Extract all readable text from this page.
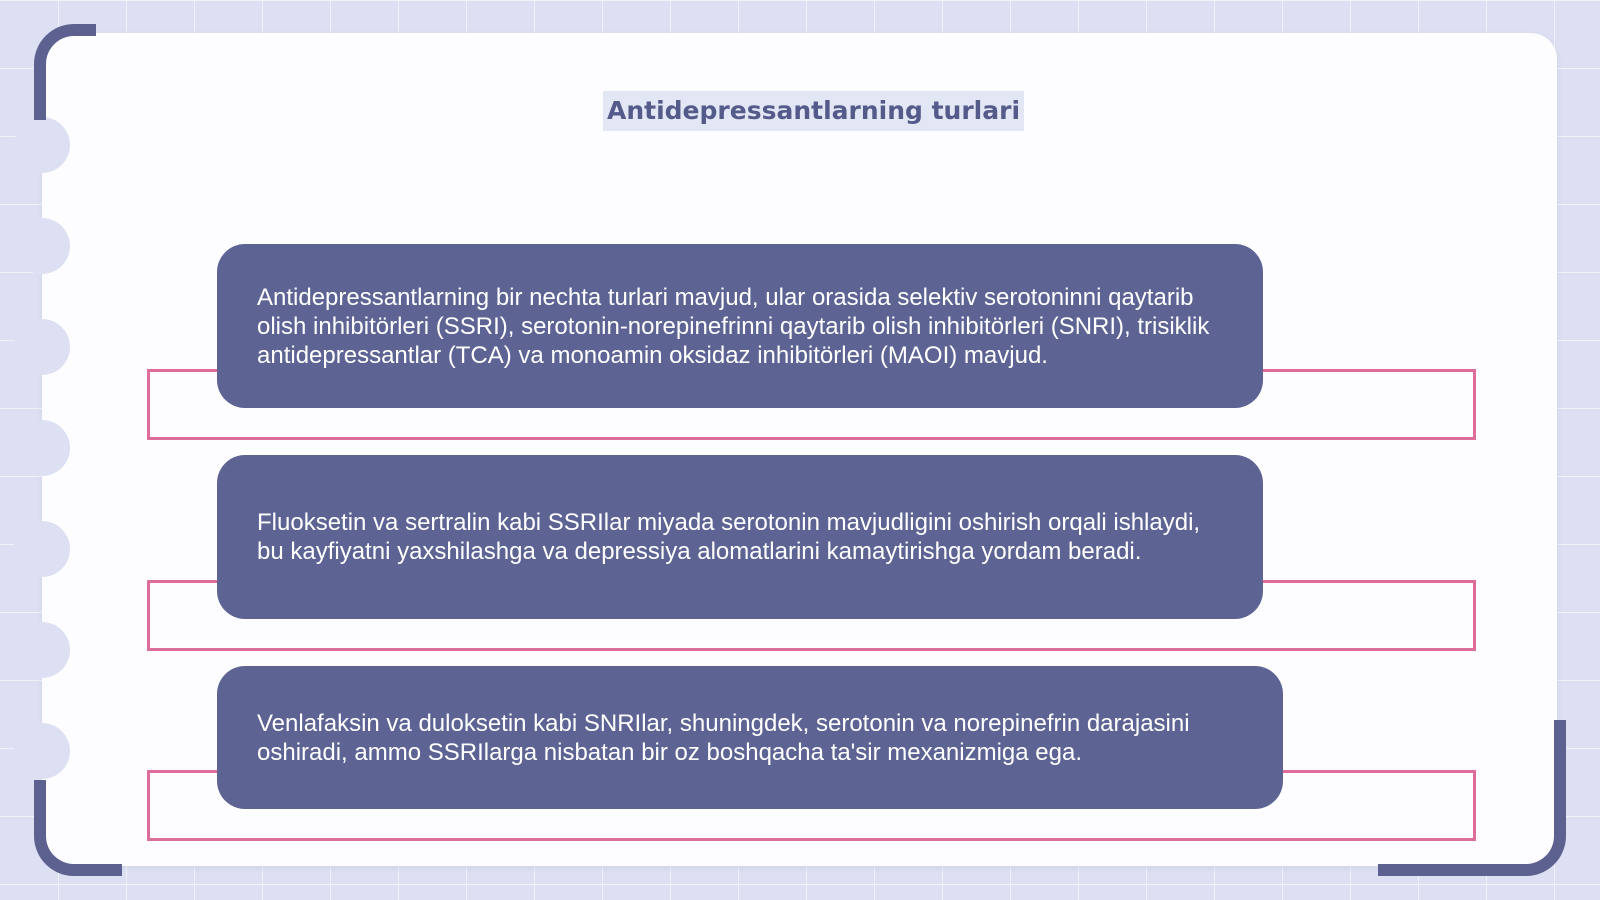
Antidepressantlarning turlari

Antidepressantlarning bir nechta turlari mavjud, ular orasida selektiv serotoninni qaytarib olish inhibitörleri (SSRI), serotonin-norepinefrinni qaytarib olish inhibitörleri (SNRI), trisiklik antidepressantlar (TCA) va monoamin oksidaz inhibitörleri (MAOI) mavjud.

Fluoksetin va sertralin kabi SSRIlar miyada serotonin mavjudligini oshirish orqali ishlaydi, bu kayfiyatni yaxshilashga va depressiya alomatlarini kamaytirishga yordam beradi.

Venlafaksin va duloksetin kabi SNRIlar, shuningdek, serotonin va norepinefrin darajasini oshiradi, ammo SSRIlarga nisbatan bir oz boshqacha ta'sir mexanizmiga ega.
